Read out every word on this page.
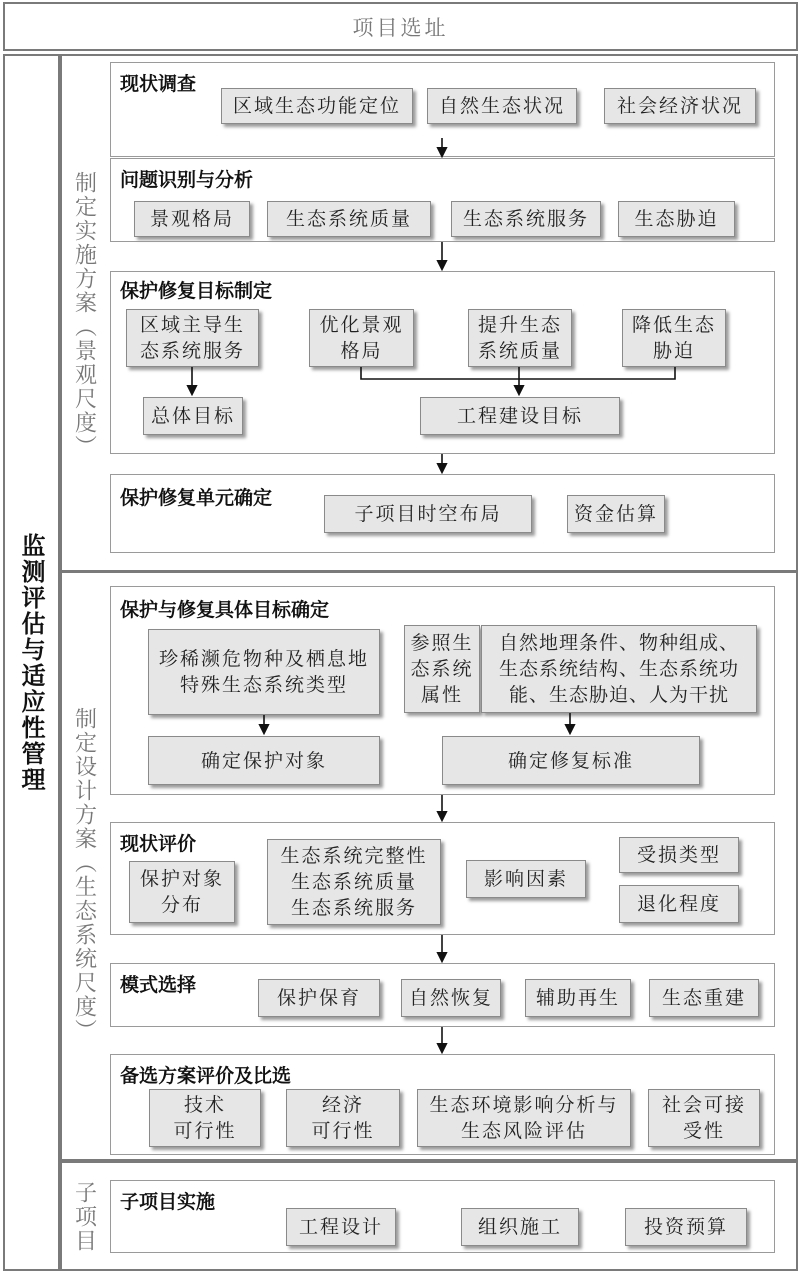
项目选址
监测评估与适应性管理
制定实施方案（景观尺度）
制定设计方案（生态系统尺度）
子项目
现状调查
区域生态功能定位	自然生态状况	社会经济状况
问题识别与分析
景观格局	生态系统质量	生态系统服务	生态胁迫
保护修复目标制定
区域主导生
态系统服务
优化景观
格局
提升生态
系统质量
降低生态
胁迫
总体目标	工程建设目标
保护修复单元确定
子项目时空布局	资金估算
保护与修复具体目标确定
珍稀濒危物种及栖息地
特殊生态系统类型
参照生
态系统
属性
自然地理条件、物种组成、
生态系统结构、生态系统功
能、生态胁迫、人为干扰
确定保护对象	确定修复标准
现状评价
保护对象
分布
生态系统完整性
生态系统质量
生态系统服务
影响因素
受损类型
退化程度
模式选择
保护保育	自然恢复	辅助再生	生态重建
备选方案评价及比选
技术
可行性
经济
可行性
生态环境影响分析与
生态风险评估
社会可接
受性
子项目实施
工程设计	组织施工	投资预算
